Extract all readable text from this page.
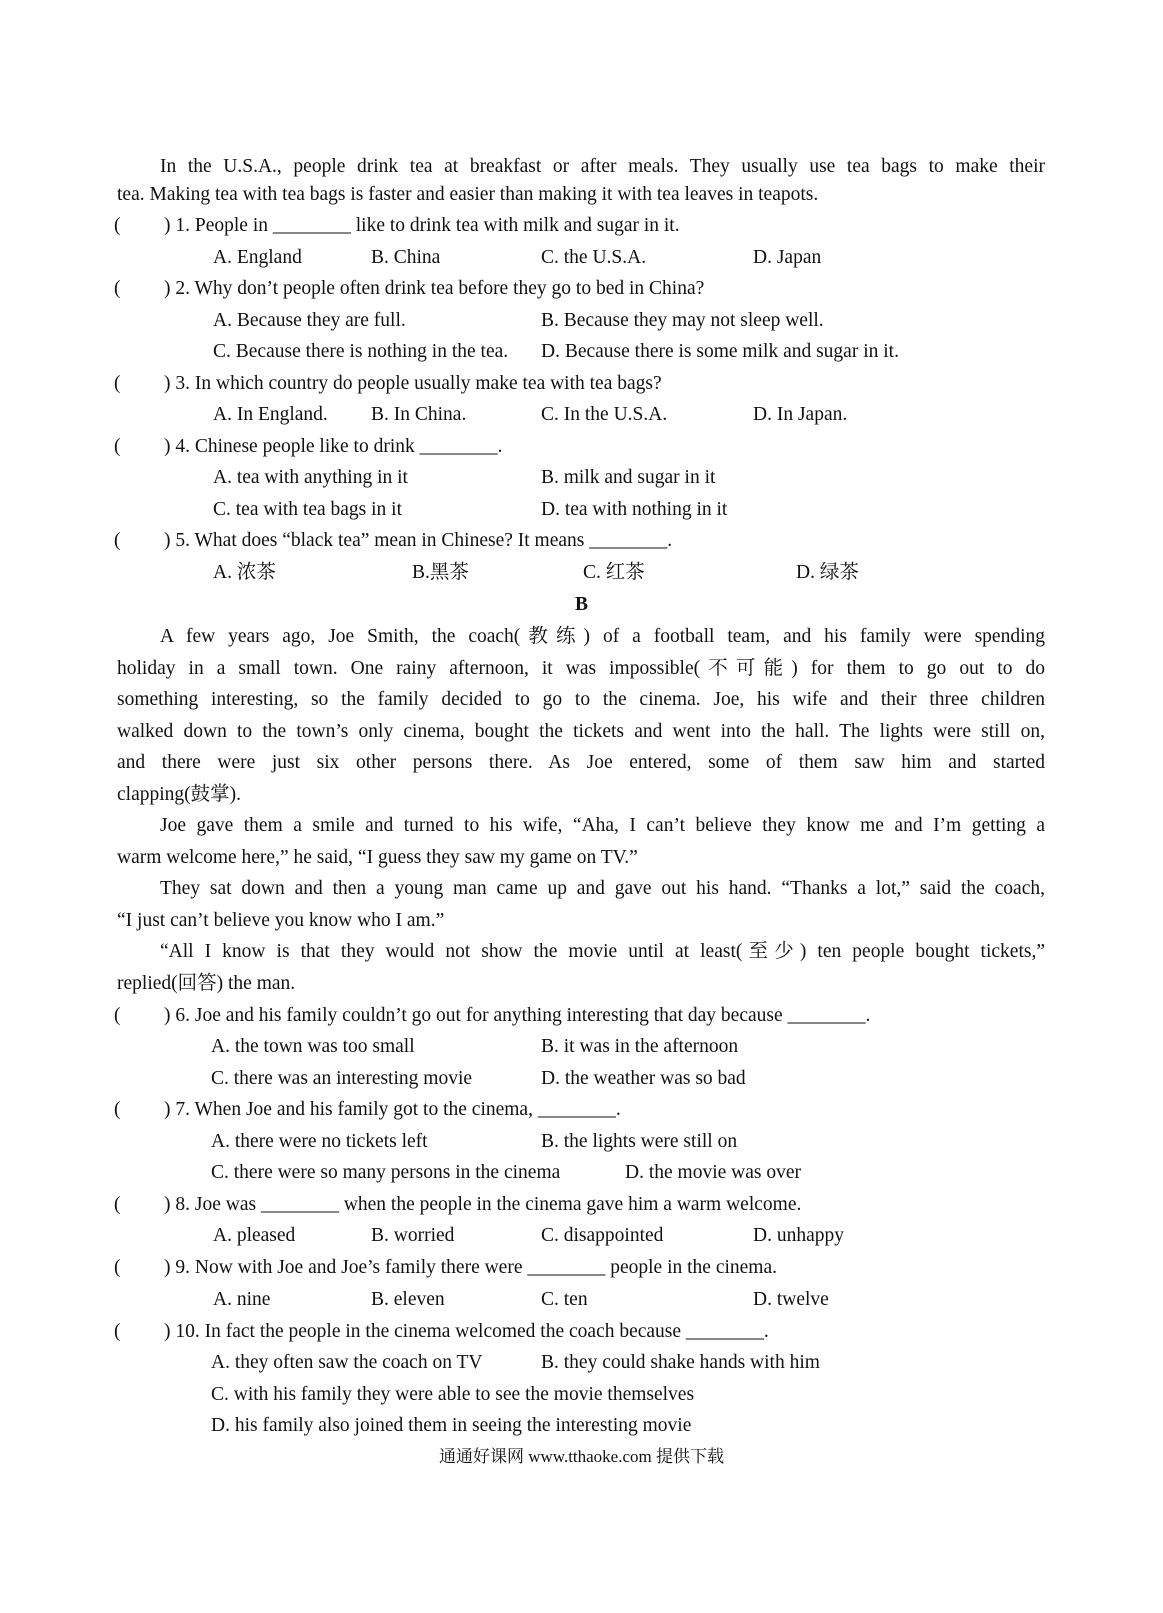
In the U.S.A., people drink tea at breakfast or after meals. They usually use tea bags to make their
tea. Making tea with tea bags is faster and easier than making it with tea leaves in teapots.
( ) 1. People in ________ like to drink tea with milk and sugar in it.
A. England	B. China	C. the U.S.A.	D. Japan
( ) 2. Why don’t people often drink tea before they go to bed in China?
A. Because they are full.	B. Because they may not sleep well.
C. Because there is nothing in the tea. D. Because there is some milk and sugar in it.
( ) 3. In which country do people usually make tea with tea bags?
A. In England. B. In China.	C. In the U.S.A.	D. In Japan.
( ) 4. Chinese people like to drink ________.
A. tea with anything in it	B. milk and sugar in it
C. tea with tea bags in it	D. tea with nothing in it
( ) 5. What does “black tea” mean in Chinese? It means ________.
A. 浓茶	B.黑茶	C. 红茶	D. 绿茶
B
A few years ago, Joe Smith, the coach(教练) of a football team, and his family were spending
holiday in a small town. One rainy afternoon, it was impossible(不可能) for them to go out to do
something interesting, so the family decided to go to the cinema. Joe, his wife and their three children
walked down to the town’s only cinema, bought the tickets and went into the hall. The lights were still on,
and there were just six other persons there. As Joe entered, some of them saw him and started
clapping(鼓掌).
Joe gave them a smile and turned to his wife, “Aha, I can’t believe they know me and I’m getting a
warm welcome here,” he said, “I guess they saw my game on TV.”
They sat down and then a young man came up and gave out his hand. “Thanks a lot,” said the coach,
“I just can’t believe you know who I am.”
“All I know is that they would not show the movie until at least(至少) ten people bought tickets,”
replied(回答) the man.
( ) 6. Joe and his family couldn’t go out for anything interesting that day because ________.
A. the town was too small	B. it was in the afternoon
C. there was an interesting movie	D. the weather was so bad
( ) 7. When Joe and his family got to the cinema, ________.
A. there were no tickets left	B. the lights were still on
C. there were so many persons in the cinema	D. the movie was over
( ) 8. Joe was ________ when the people in the cinema gave him a warm welcome.
A. pleased	B. worried	C. disappointed	D. unhappy
( ) 9. Now with Joe and Joe’s family there were ________ people in the cinema.
A. nine	B. eleven	C. ten	D. twelve
( ) 10. In fact the people in the cinema welcomed the coach because ________.
A. they often saw the coach on TV	B. they could shake hands with him
C. with his family they were able to see the movie themselves
D. his family also joined them in seeing the interesting movie
通通好课网 www.tthaoke.com 提供下载
